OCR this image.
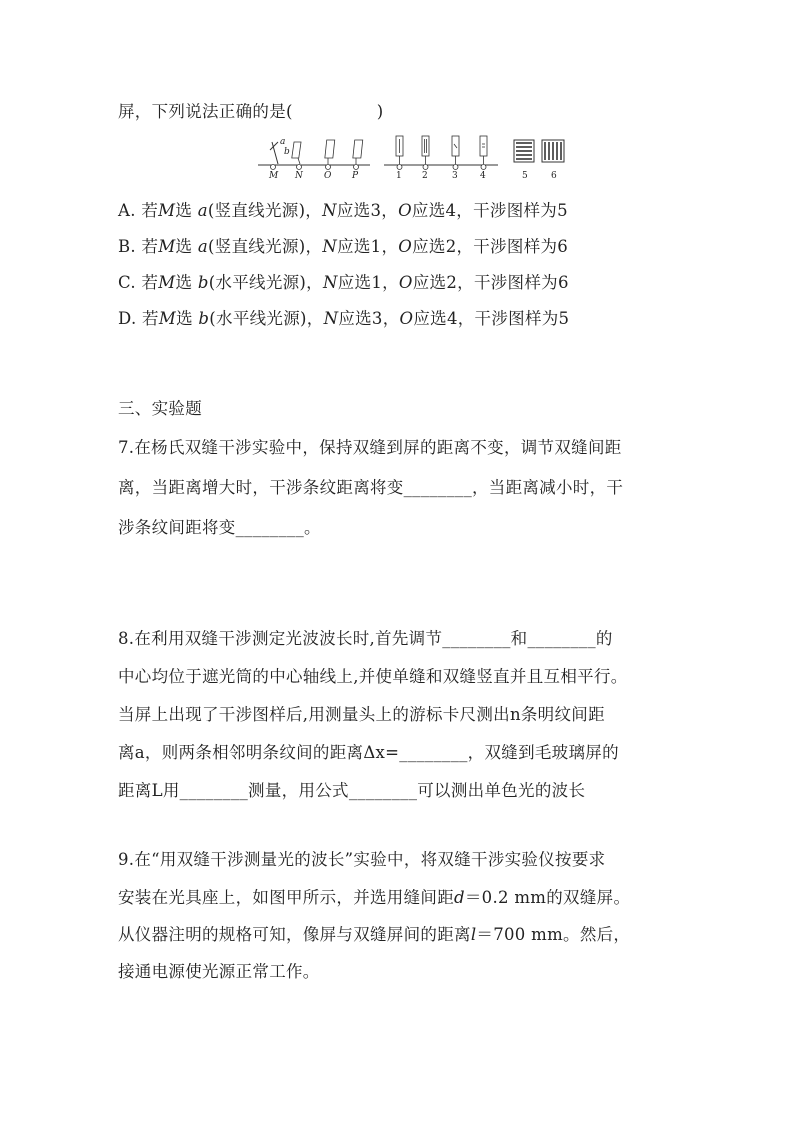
屏，下列说法正确的是(　　　　　)
a
b
M N O P	1 2	3 4	5	6
A. 若M选 a(竖直线光源)，N应选3，O应选4，干涉图样为5
B. 若M选 a(竖直线光源)，N应选1，O应选2，干涉图样为6
C. 若M选 b(水平线光源)，N应选1，O应选2，干涉图样为6
D. 若M选 b(水平线光源)，N应选3，O应选4，干涉图样为5
三、实验题
7.在杨氏双缝干涉实验中，保持双缝到屏的距离不变，调节双缝间距
离，当距离增大时，干涉条纹距离将变________，当距离减小时，干
涉条纹间距将变________。
8.在利用双缝干涉测定光波波长时,首先调节________和________的
中心均位于遮光筒的中心轴线上,并使单缝和双缝竖直并且互相平行。
当屏上出现了干涉图样后,用测量头上的游标卡尺测出n条明纹间距
离a，则两条相邻明条纹间的距离Δx=________，双缝到毛玻璃屏的
距离L用________测量，用公式________可以测出单色光的波长
9.在“用双缝干涉测量光的波长”实验中，将双缝干涉实验仪按要求
安装在光具座上，如图甲所示，并选用缝间距d＝0.2 mm的双缝屏。
从仪器注明的规格可知，像屏与双缝屏间的距离l＝700 mm。然后，
接通电源使光源正常工作。
